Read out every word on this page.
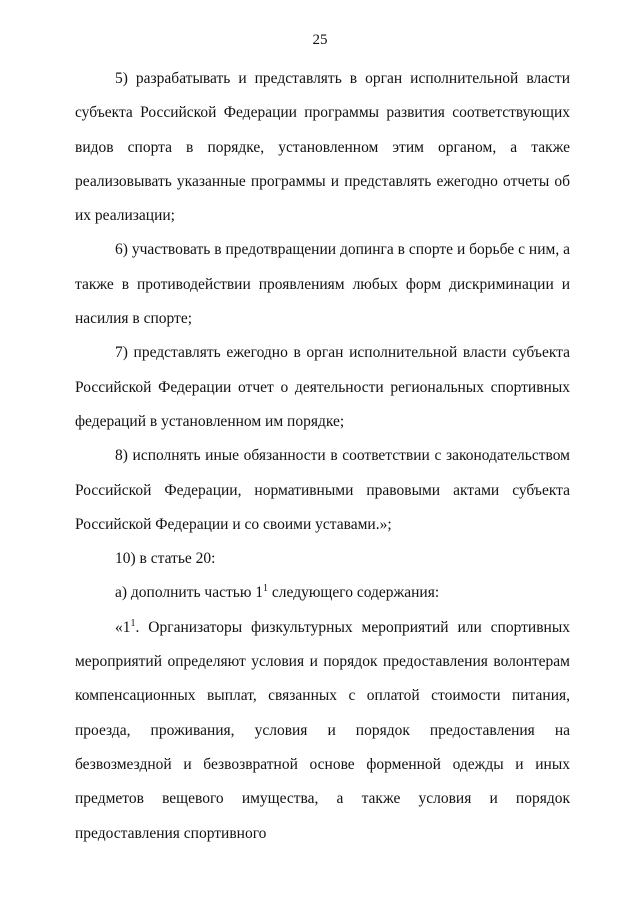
25

5) разрабатывать и представлять в орган исполнительной власти субъекта Российской Федерации программы развития соответствующих видов спорта в порядке, установленном этим органом, а также реализовывать указанные программы и представлять ежегодно отчеты об их реализации;

6) участвовать в предотвращении допинга в спорте и борьбе с ним, а также в противодействии проявлениям любых форм дискриминации и насилия в спорте;

7) представлять ежегодно в орган исполнительной власти субъекта Российской Федерации отчет о деятельности региональных спортивных федераций в установленном им порядке;

8) исполнять иные обязанности в соответствии с законодательством Российской Федерации, нормативными правовыми актами субъекта Российской Федерации и со своими уставами.»;

10) в статье 20:

а) дополнить частью $1^1$ следующего содержания:

«$1^1$. Организаторы физкультурных мероприятий или спортивных мероприятий определяют условия и порядок предоставления волонтерам компенсационных выплат, связанных с оплатой стоимости питания, проезда, проживания, условия и порядок предоставления на безвозмездной и безвозвратной основе форменной одежды и иных предметов вещевого имущества, а также условия и порядок предоставления спортивного
